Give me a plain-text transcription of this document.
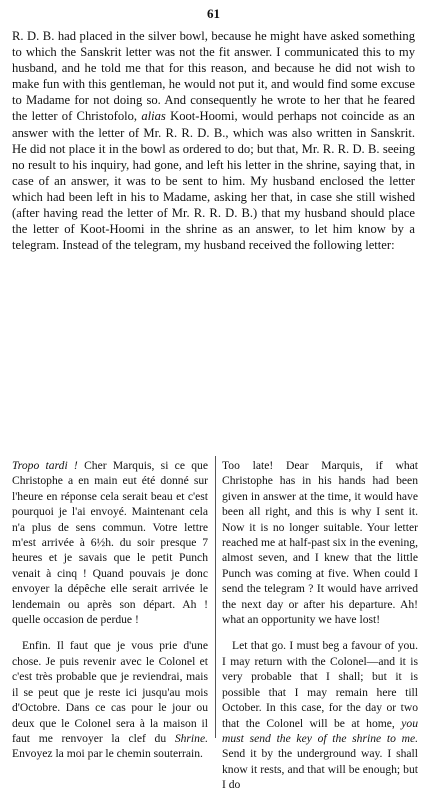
61

R. D. B. had placed in the silver bowl, because he might have asked something to which the Sanskrit letter was not the fit answer. I communicated this to my husband, and he told me that for this reason, and because he did not wish to make fun with this gentleman, he would not put it, and would find some excuse to Madame for not doing so. And consequently he wrote to her that he feared the letter of Christofolo, alias Koot-Hoomi, would perhaps not coincide as an answer with the letter of Mr. R. R. D. B., which was also written in Sanskrit. He did not place it in the bowl as ordered to do; but that, Mr. R. R. D. B. seeing no result to his inquiry, had gone, and left his letter in the shrine, saying that, in case of an answer, it was to be sent to him. My husband enclosed the letter which had been left in his to Madame, asking her that, in case she still wished (after having read the letter of Mr. R. R. D. B.) that my husband should place the letter of Koot-Hoomi in the shrine as an answer, to let him know by a telegram. Instead of the telegram, my husband received the following letter:

Tropo tardi ! Cher Marquis, si ce que Christophe a en main eut été donné sur l'heure en réponse cela serait beau et c'est pourquoi je l'ai envoyé. Maintenant cela n'a plus de sens commun. Votre lettre m'est arrivée à 6½h. du soir presque 7 heures et je savais que le petit Punch venait à cinq ! Quand pouvais je donc envoyer la dépêche elle serait arrivée le lendemain ou après son départ. Ah ! quelle occasion de perdue !

Enfin. Il faut que je vous prie d'une chose. Je puis revenir avec le Colonel et c'est très probable que je reviendrai, mais il se peut que je reste ici jusqu'au mois d'Octobre. Dans ce cas pour le jour ou deux que le Colonel sera à la maison il faut me renvoyer la clef du Shrine. Envoyez la moi par le chemin souterrain.

Too late! Dear Marquis, if what Christophe has in his hands had been given in answer at the time, it would have been all right, and this is why I sent it. Now it is no longer suitable. Your letter reached me at half-past six in the evening, almost seven, and I knew that the little Punch was coming at five. When could I send the telegram ? It would have arrived the next day or after his departure. Ah! what an opportunity we have lost!

Let that go. I must beg a favour of you. I may return with the Colonel—and it is very probable that I shall; but it is possible that I may remain here till October. In this case, for the day or two that the Colonel will be at home, you must send the key of the shrine to me. Send it by the underground way. I shall know it rests, and that will be enough; but I do
